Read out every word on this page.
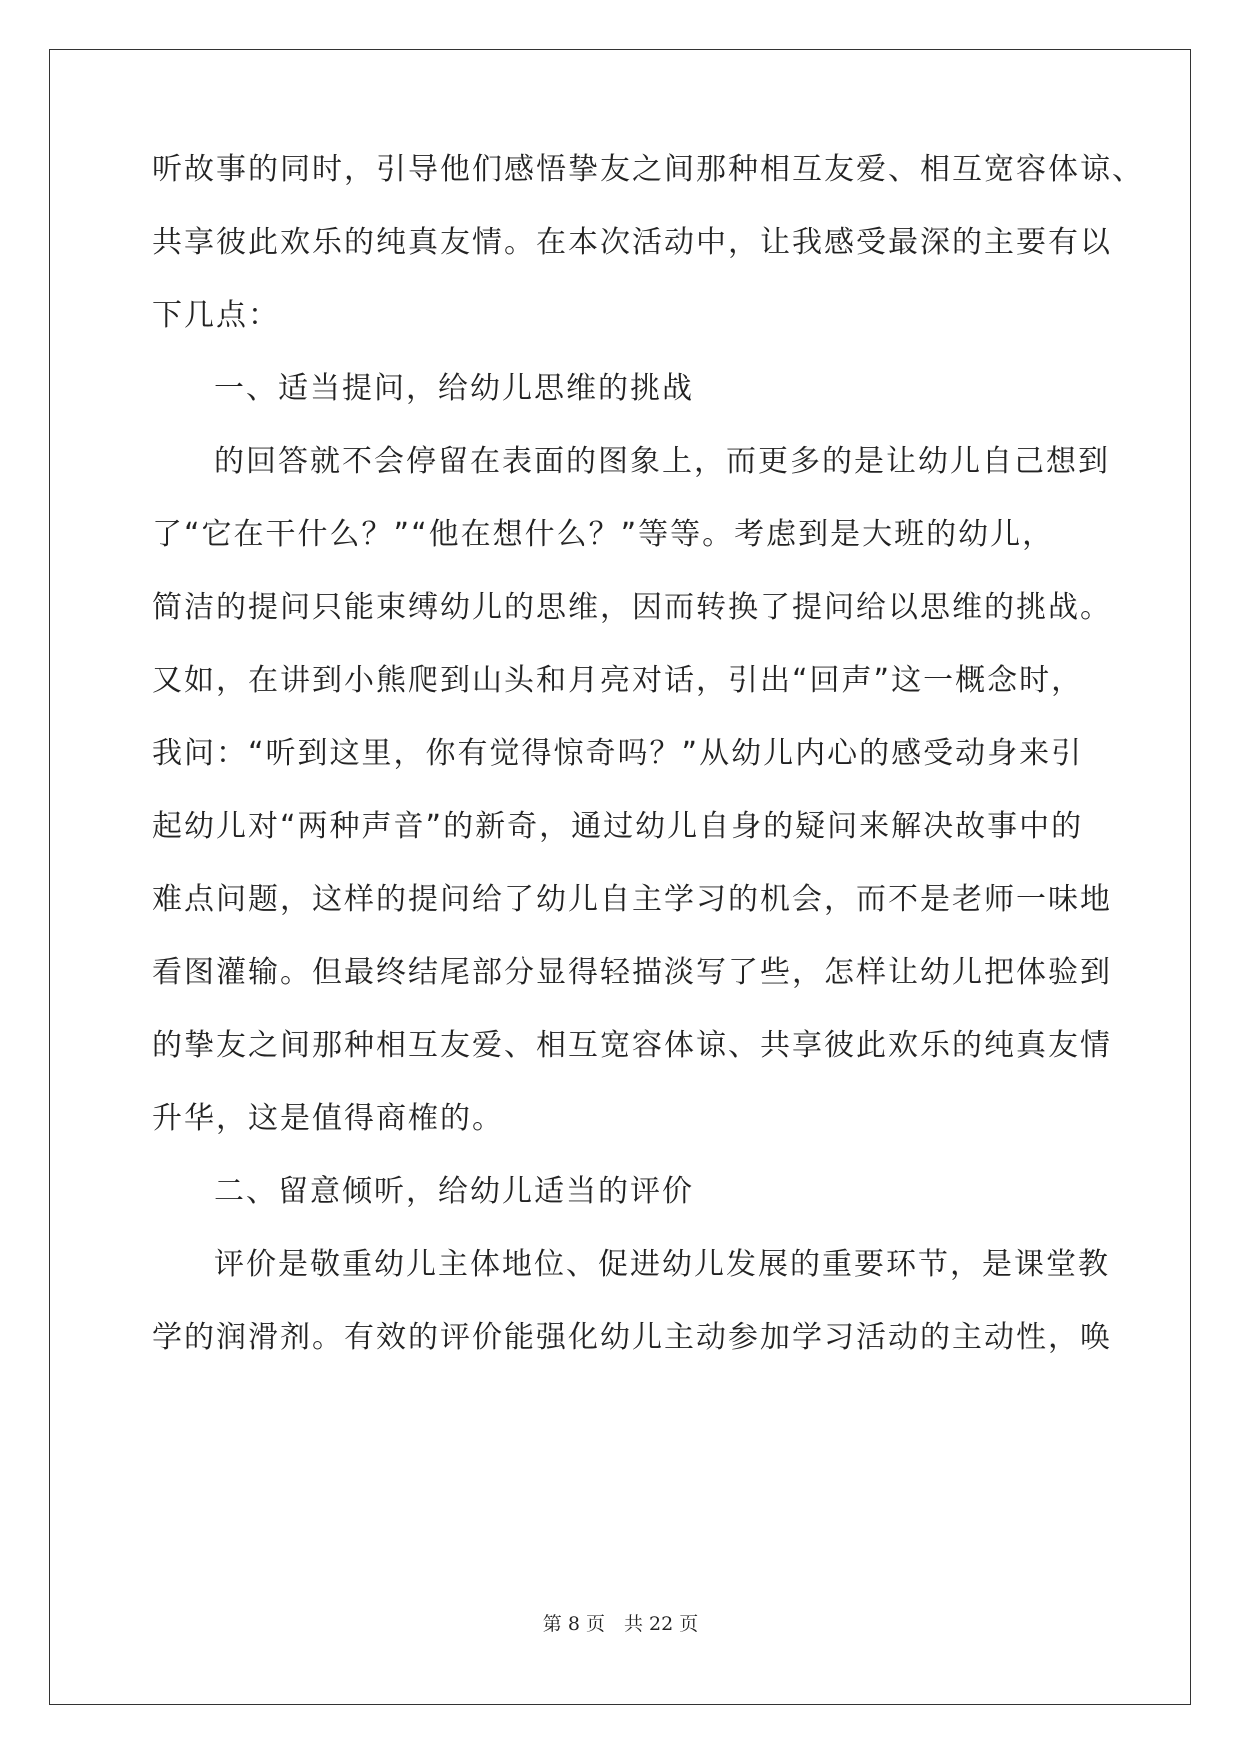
听故事的同时，引导他们感悟挚友之间那种相互友爱、相互宽容体谅、
共享彼此欢乐的纯真友情。在本次活动中，让我感受最深的主要有以
下几点：
一、适当提问，给幼儿思维的挑战
的回答就不会停留在表面的图象上，而更多的是让幼儿自己想到
了“它在干什么？”“他在想什么？”等等。考虑到是大班的幼儿，
简洁的提问只能束缚幼儿的思维，因而转换了提问给以思维的挑战。
又如，在讲到小熊爬到山头和月亮对话，引出“回声”这一概念时，
我问：“听到这里，你有觉得惊奇吗？”从幼儿内心的感受动身来引
起幼儿对“两种声音”的新奇，通过幼儿自身的疑问来解决故事中的
难点问题，这样的提问给了幼儿自主学习的机会，而不是老师一味地
看图灌输。但最终结尾部分显得轻描淡写了些，怎样让幼儿把体验到
的挚友之间那种相互友爱、相互宽容体谅、共享彼此欢乐的纯真友情
升华，这是值得商榷的。
二、留意倾听，给幼儿适当的评价
评价是敬重幼儿主体地位、促进幼儿发展的重要环节，是课堂教
学的润滑剂。有效的评价能强化幼儿主动参加学习活动的主动性，唤
第 8 页　共 22 页
